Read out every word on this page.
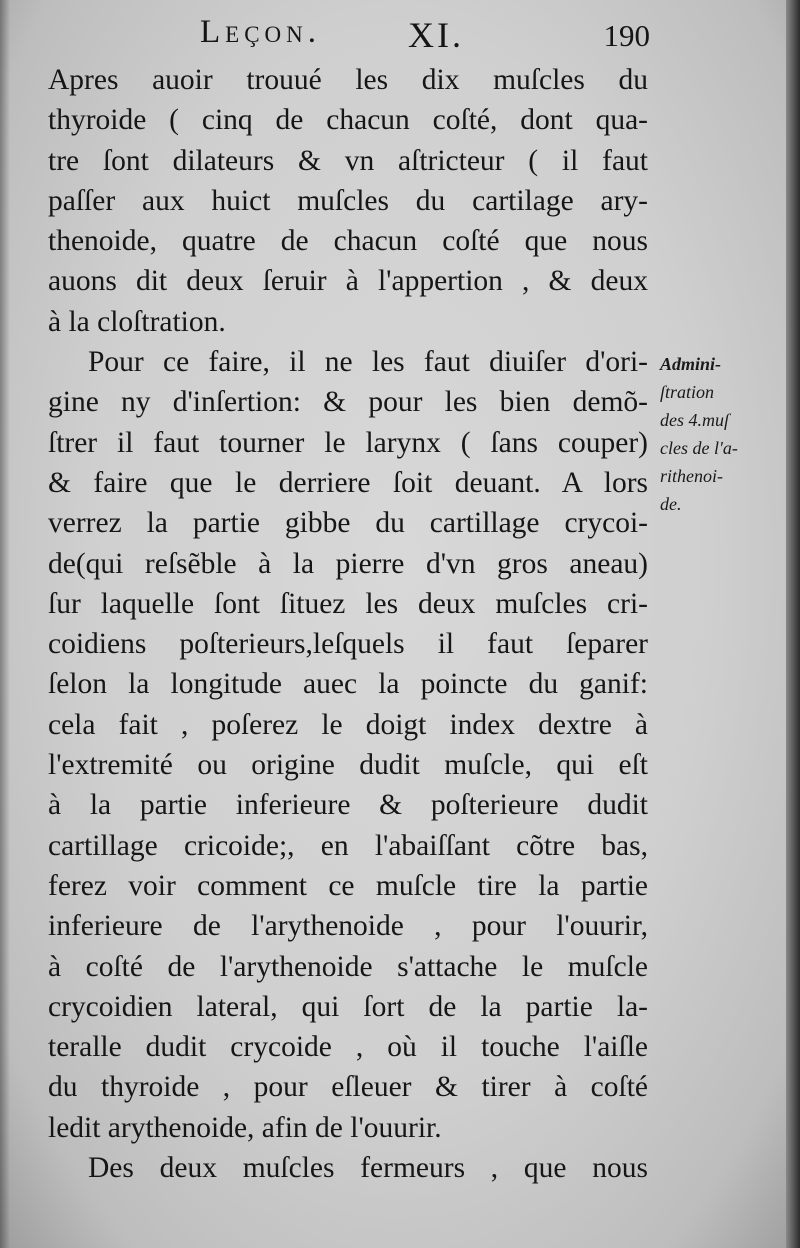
Leçon. XI.	190
Apres auoir trouué les dix muſcles du
thyroide ( cinq de chacun coſté, dont qua-
tre ſont dilateurs & vn aſtricteur ( il faut
paſſer aux huict muſcles du cartilage ary-
thenoide, quatre de chacun coſté que nous
auons dit deux ſeruir à l'appertion , & deux
à la cloſtration.
Pour ce faire, il ne les faut diuiſer d'ori-
gine ny d'inſertion: & pour les bien demõ-
ſtrer il faut tourner le larynx ( ſans couper)
& faire que le derriere ſoit deuant. A lors
verrez la partie gibbe du cartillage crycoi-
de(qui reſsẽble à la pierre d'vn gros aneau)
ſur laquelle ſont ſituez les deux muſcles cri-
coidiens poſterieurs,leſquels il faut ſeparer
ſelon la longitude auec la poincte du ganif:
cela fait , poſerez le doigt index dextre à
l'extremité ou origine dudit muſcle, qui eſt
à la partie inferieure & poſterieure dudit
cartillage cricoide;, en l'abaiſſant cõtre bas,
ferez voir comment ce muſcle tire la partie
inferieure de l'arythenoide , pour l'ouurir,
à coſté de l'arythenoide s'attache le muſcle
crycoidien lateral, qui ſort de la partie la-
teralle dudit crycoide , où il touche l'aiſle
du thyroide , pour eſleuer & tirer à coſté
ledit arythenoide, afin de l'ouurir.
Des deux muſcles fermeurs , que nous
Admini-
ſtration
des 4.muſ
cles de l'a-
rithenoi-
de.
